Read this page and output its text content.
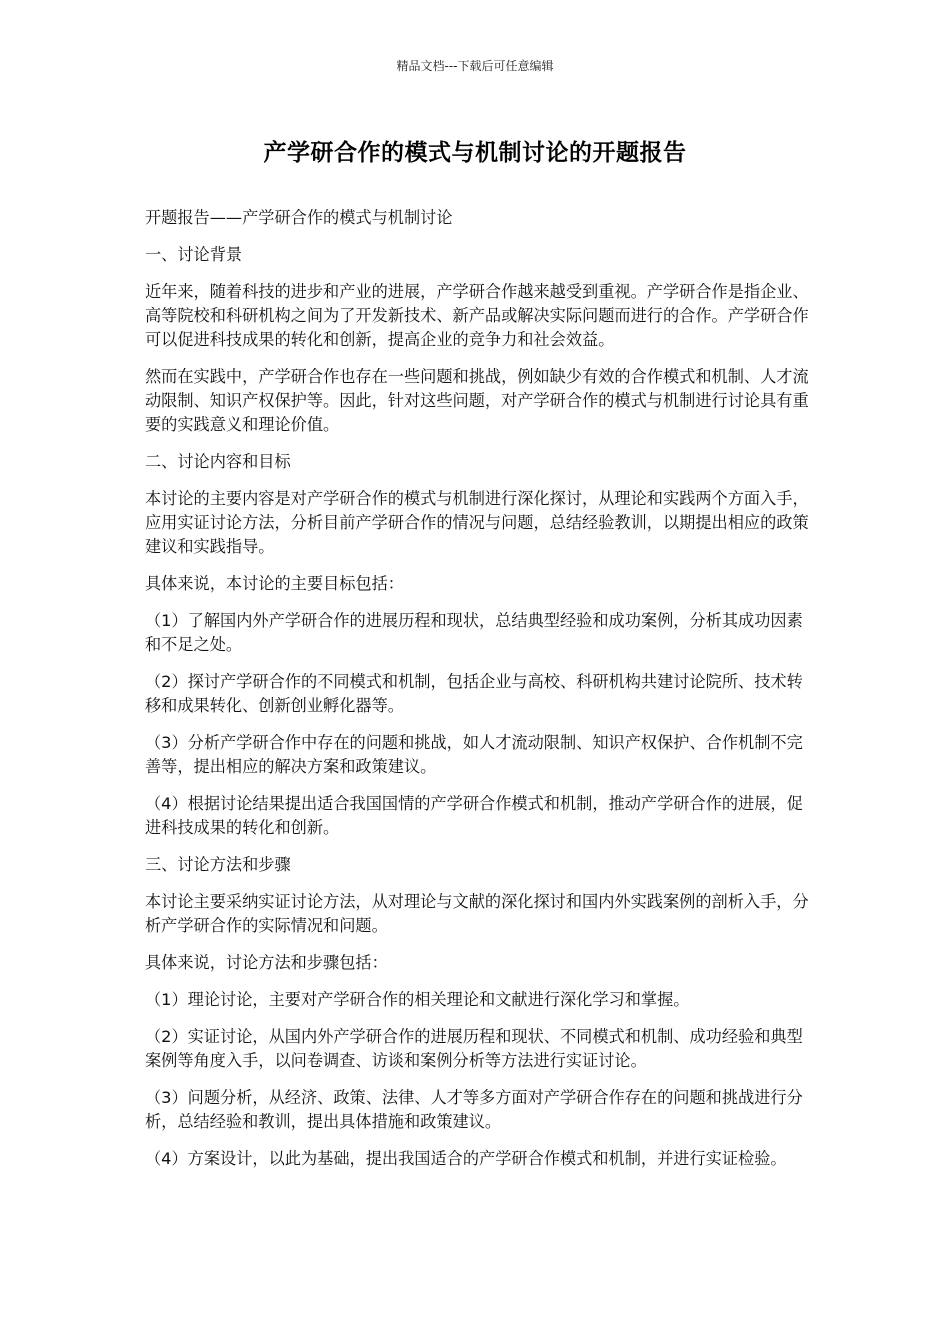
精品文档---下载后可任意编辑
产学研合作的模式与机制讨论的开题报告

开题报告——产学研合作的模式与机制讨论

一、讨论背景

近年来，随着科技的进步和产业的进展，产学研合作越来越受到重视。产学研合作是指企业、高等院校和科研机构之间为了开发新技术、新产品或解决实际问题而进行的合作。产学研合作可以促进科技成果的转化和创新，提高企业的竞争力和社会效益。

然而在实践中，产学研合作也存在一些问题和挑战，例如缺少有效的合作模式和机制、人才流动限制、知识产权保护等。因此，针对这些问题，对产学研合作的模式与机制进行讨论具有重要的实践意义和理论价值。

二、讨论内容和目标

本讨论的主要内容是对产学研合作的模式与机制进行深化探讨，从理论和实践两个方面入手，应用实证讨论方法，分析目前产学研合作的情况与问题，总结经验教训，以期提出相应的政策建议和实践指导。

具体来说，本讨论的主要目标包括：

（1）了解国内外产学研合作的进展历程和现状，总结典型经验和成功案例，分析其成功因素和不足之处。

（2）探讨产学研合作的不同模式和机制，包括企业与高校、科研机构共建讨论院所、技术转移和成果转化、创新创业孵化器等。

（3）分析产学研合作中存在的问题和挑战，如人才流动限制、知识产权保护、合作机制不完善等，提出相应的解决方案和政策建议。

（4）根据讨论结果提出适合我国国情的产学研合作模式和机制，推动产学研合作的进展，促进科技成果的转化和创新。

三、讨论方法和步骤

本讨论主要采纳实证讨论方法，从对理论与文献的深化探讨和国内外实践案例的剖析入手，分析产学研合作的实际情况和问题。

具体来说，讨论方法和步骤包括：

（1）理论讨论，主要对产学研合作的相关理论和文献进行深化学习和掌握。

（2）实证讨论，从国内外产学研合作的进展历程和现状、不同模式和机制、成功经验和典型案例等角度入手，以问卷调查、访谈和案例分析等方法进行实证讨论。

（3）问题分析，从经济、政策、法律、人才等多方面对产学研合作存在的问题和挑战进行分析，总结经验和教训，提出具体措施和政策建议。

（4）方案设计，以此为基础，提出我国适合的产学研合作模式和机制，并进行实证检验。
